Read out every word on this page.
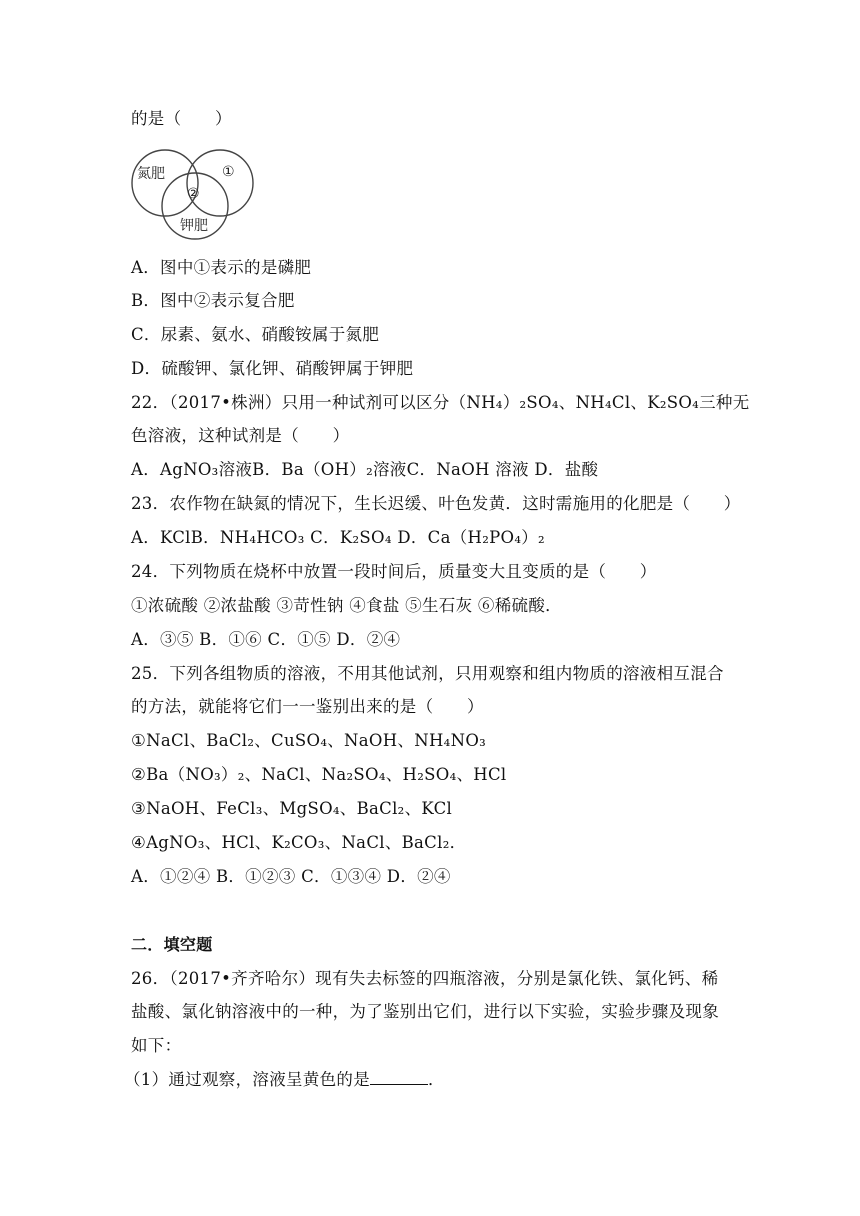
的是（　　）
氮肥	①
②
钾肥
A．图中①表示的是磷肥
B．图中②表示复合肥
C．尿素、氨水、硝酸铵属于氮肥
D．硫酸钾、氯化钾、硝酸钾属于钾肥
22．（2017•株洲）只用一种试剂可以区分（NH₄）₂SO₄、NH₄Cl、K₂SO₄三种无
色溶液，这种试剂是（　　）
A．AgNO₃溶液B．Ba（OH）₂溶液C．NaOH 溶液 D．盐酸
23．农作物在缺氮的情况下，生长迟缓、叶色发黄．这时需施用的化肥是（　　）
A．KClB．NH₄HCO₃ C．K₂SO₄ D．Ca（H₂PO₄）₂
24．下列物质在烧杯中放置一段时间后，质量变大且变质的是（　　）
①浓硫酸 ②浓盐酸 ③苛性钠 ④食盐 ⑤生石灰 ⑥稀硫酸．
A．③⑤ B．①⑥ C．①⑤ D．②④
25．下列各组物质的溶液，不用其他试剂，只用观察和组内物质的溶液相互混合
的方法，就能将它们一一鉴别出来的是（　　）
①NaCl、BaCl₂、CuSO₄、NaOH、NH₄NO₃
②Ba（NO₃）₂、NaCl、Na₂SO₄、H₂SO₄、HCl
③NaOH、FeCl₃、MgSO₄、BaCl₂、KCl
④AgNO₃、HCl、K₂CO₃、NaCl、BaCl₂．
A．①②④ B．①②③ C．①③④ D．②④
二．填空题
26．（2017•齐齐哈尔）现有失去标签的四瓶溶液，分别是氯化铁、氯化钙、稀
盐酸、氯化钠溶液中的一种，为了鉴别出它们，进行以下实验，实验步骤及现象
如下：
（1）通过观察，溶液呈黄色的是	．
